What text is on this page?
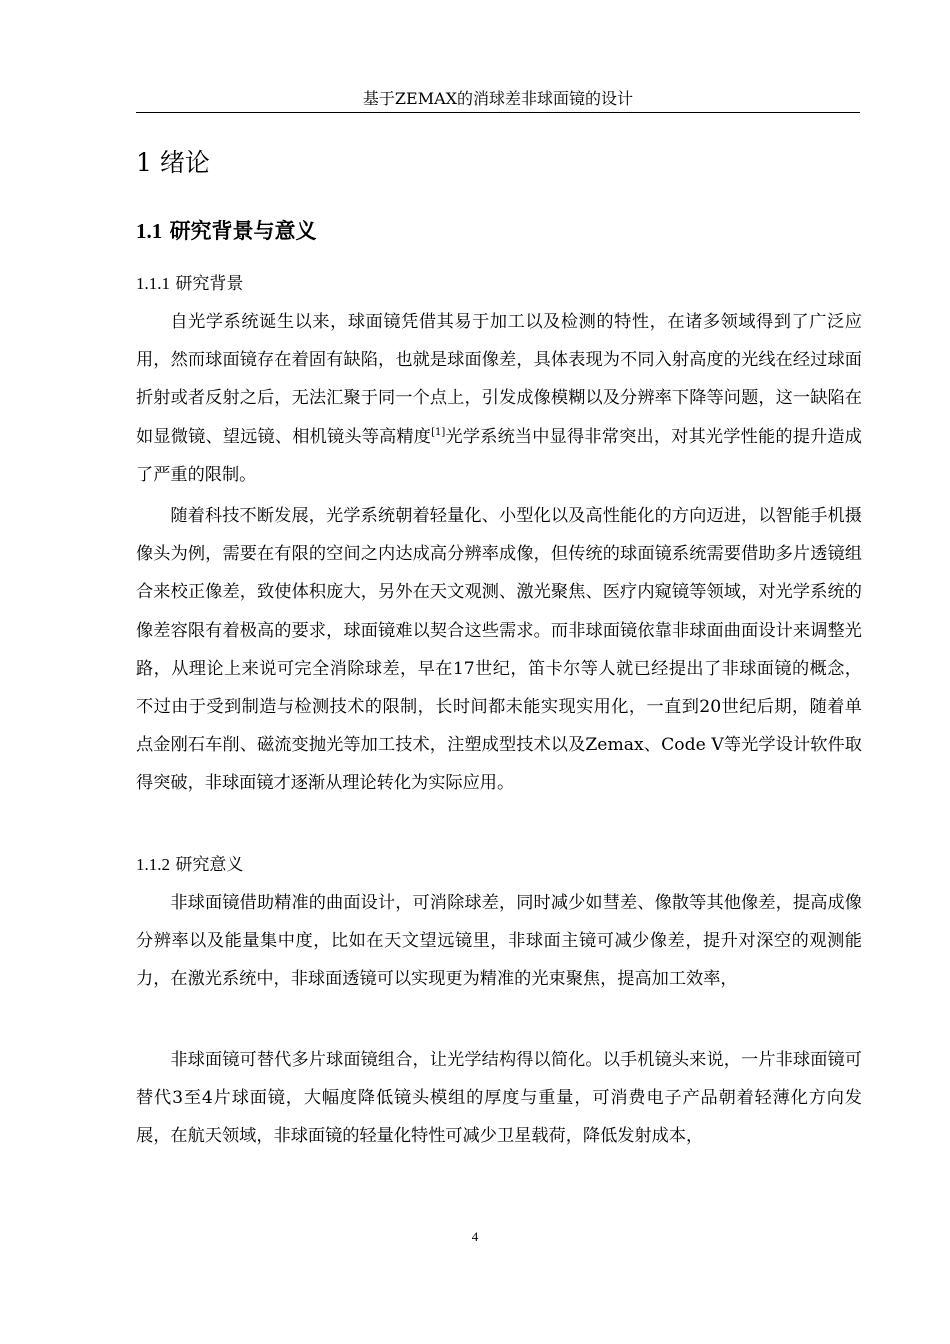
基于ZEMAX的消球差非球面镜的设计
1 绪论
1.1 研究背景与意义
1.1.1 研究背景

自光学系统诞生以来，球面镜凭借其易于加工以及检测的特性，在诸多领域得到了广泛应用，然而球面镜存在着固有缺陷，也就是球面像差，具体表现为不同入射高度的光线在经过球面折射或者反射之后，无法汇聚于同一个点上，引发成像模糊以及分辨率下降等问题，这一缺陷在如显微镜、望远镜、相机镜头等高精度[1]光学系统当中显得非常突出，对其光学性能的提升造成了严重的限制。

随着科技不断发展，光学系统朝着轻量化、小型化以及高性能化的方向迈进，以智能手机摄像头为例，需要在有限的空间之内达成高分辨率成像，但传统的球面镜系统需要借助多片透镜组合来校正像差，致使体积庞大，另外在天文观测、激光聚焦、医疗内窥镜等领域，对光学系统的像差容限有着极高的要求，球面镜难以契合这些需求。而非球面镜依靠非球面曲面设计来调整光路，从理论上来说可完全消除球差，早在17世纪，笛卡尔等人就已经提出了非球面镜的概念，不过由于受到制造与检测技术的限制，长时间都未能实现实用化，一直到20世纪后期，随着单点金刚石车削、磁流变抛光等加工技术，注塑成型技术以及Zemax、Code V等光学设计软件取得突破，非球面镜才逐渐从理论转化为实际应用。

1.1.2 研究意义

非球面镜借助精准的曲面设计，可消除球差，同时减少如彗差、像散等其他像差，提高成像分辨率以及能量集中度，比如在天文望远镜里，非球面主镜可减少像差，提升对深空的观测能力，在激光系统中，非球面透镜可以实现更为精准的光束聚焦，提高加工效率，

非球面镜可替代多片球面镜组合，让光学结构得以简化。以手机镜头来说，一片非球面镜可替代3至4片球面镜，大幅度降低镜头模组的厚度与重量，可消费电子产品朝着轻薄化方向发展，在航天领域，非球面镜的轻量化特性可减少卫星载荷，降低发射成本，

4
